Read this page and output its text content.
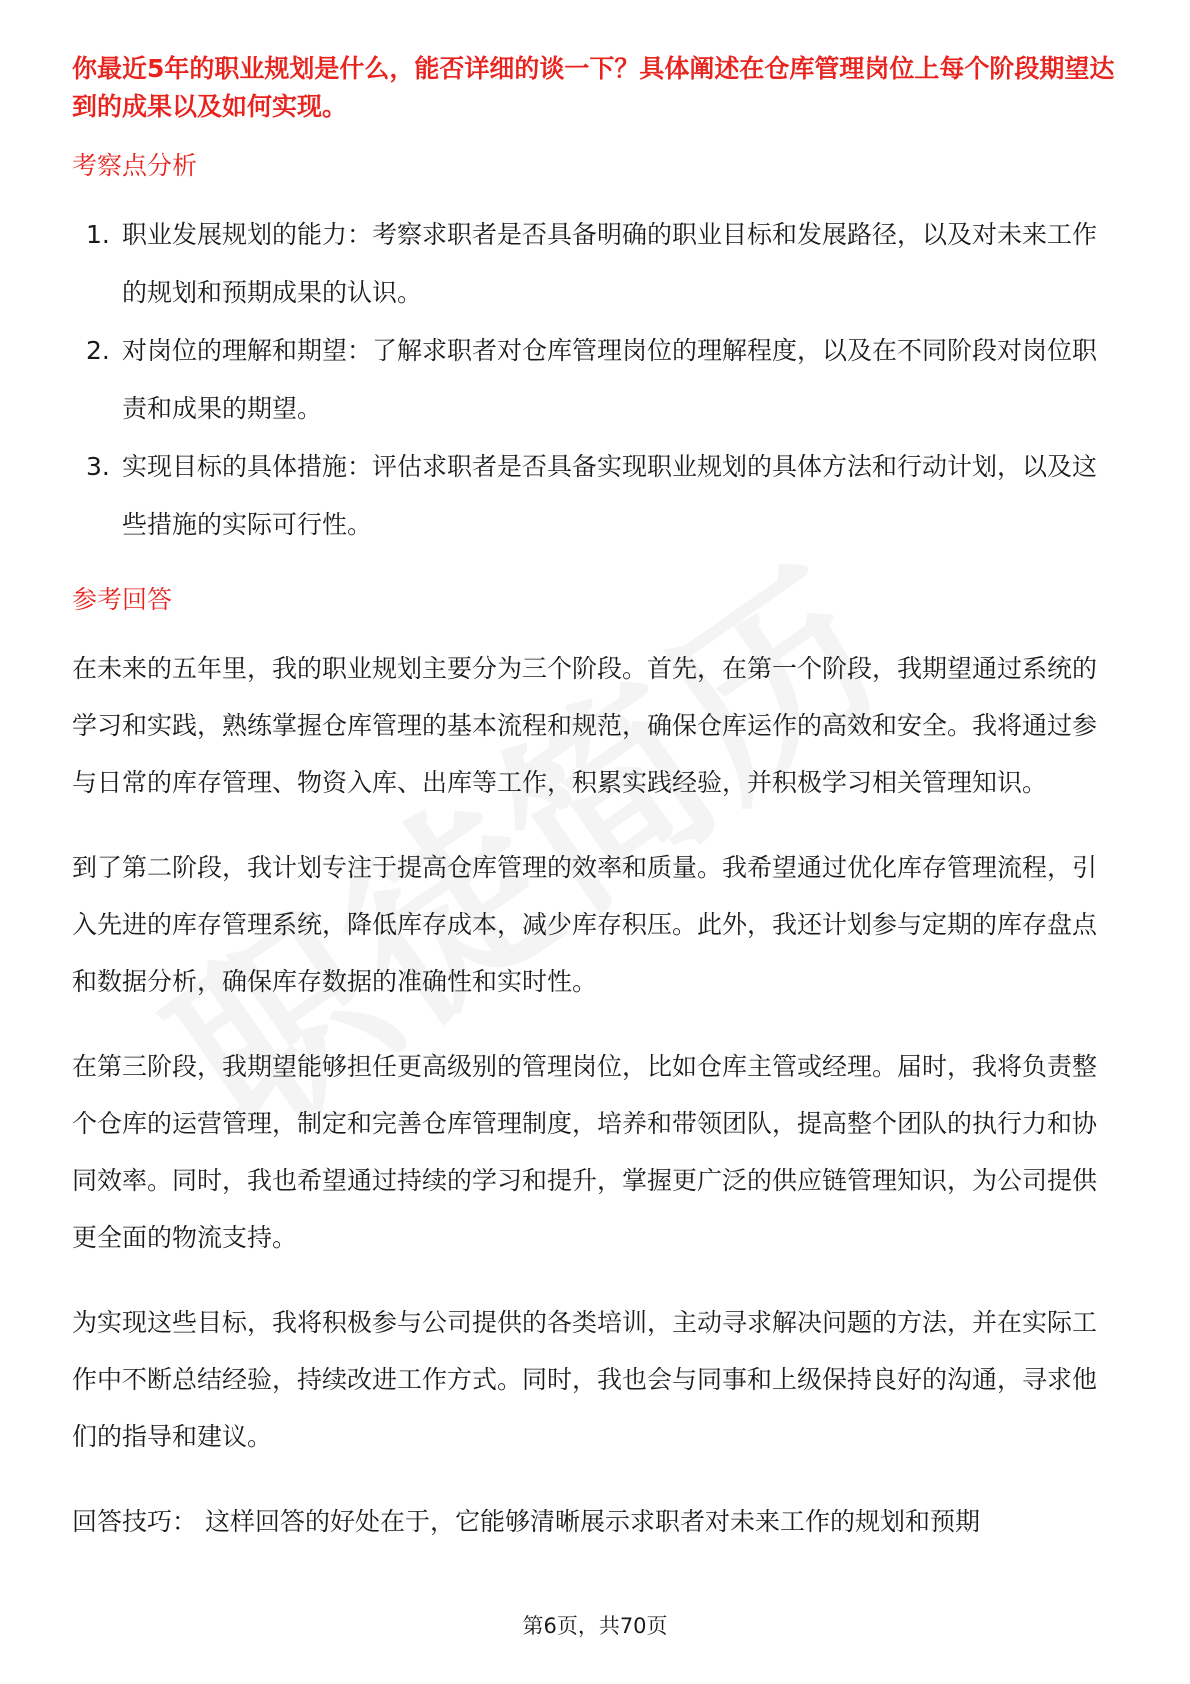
你最近5年的职业规划是什么，能否详细的谈一下？具体阐述在仓库管理岗位上每个阶段期望达到的成果以及如何实现。

考察点分析
1. 职业发展规划的能力：考察求职者是否具备明确的职业目标和发展路径，以及对未来工作的规划和预期成果的认识。
2. 对岗位的理解和期望：了解求职者对仓库管理岗位的理解程度，以及在不同阶段对岗位职责和成果的期望。
3. 实现目标的具体措施：评估求职者是否具备实现职业规划的具体方法和行动计划，以及这些措施的实际可行性。
参考回答

在未来的五年里，我的职业规划主要分为三个阶段。首先，在第一个阶段，我期望通过系统的学习和实践，熟练掌握仓库管理的基本流程和规范，确保仓库运作的高效和安全。我将通过参与日常的库存管理、物资入库、出库等工作，积累实践经验，并积极学习相关管理知识。

到了第二阶段，我计划专注于提高仓库管理的效率和质量。我希望通过优化库存管理流程，引入先进的库存管理系统，降低库存成本，减少库存积压。此外，我还计划参与定期的库存盘点和数据分析，确保库存数据的准确性和实时性。

在第三阶段，我期望能够担任更高级别的管理岗位，比如仓库主管或经理。届时，我将负责整个仓库的运营管理，制定和完善仓库管理制度，培养和带领团队，提高整个团队的执行力和协同效率。同时，我也希望通过持续的学习和提升，掌握更广泛的供应链管理知识，为公司提供更全面的物流支持。

为实现这些目标，我将积极参与公司提供的各类培训，主动寻求解决问题的方法，并在实际工作中不断总结经验，持续改进工作方式。同时，我也会与同事和上级保持良好的沟通，寻求他们的指导和建议。

回答技巧： 这样回答的好处在于，它能够清晰展示求职者对未来工作的规划和预期

第6页，共70页
